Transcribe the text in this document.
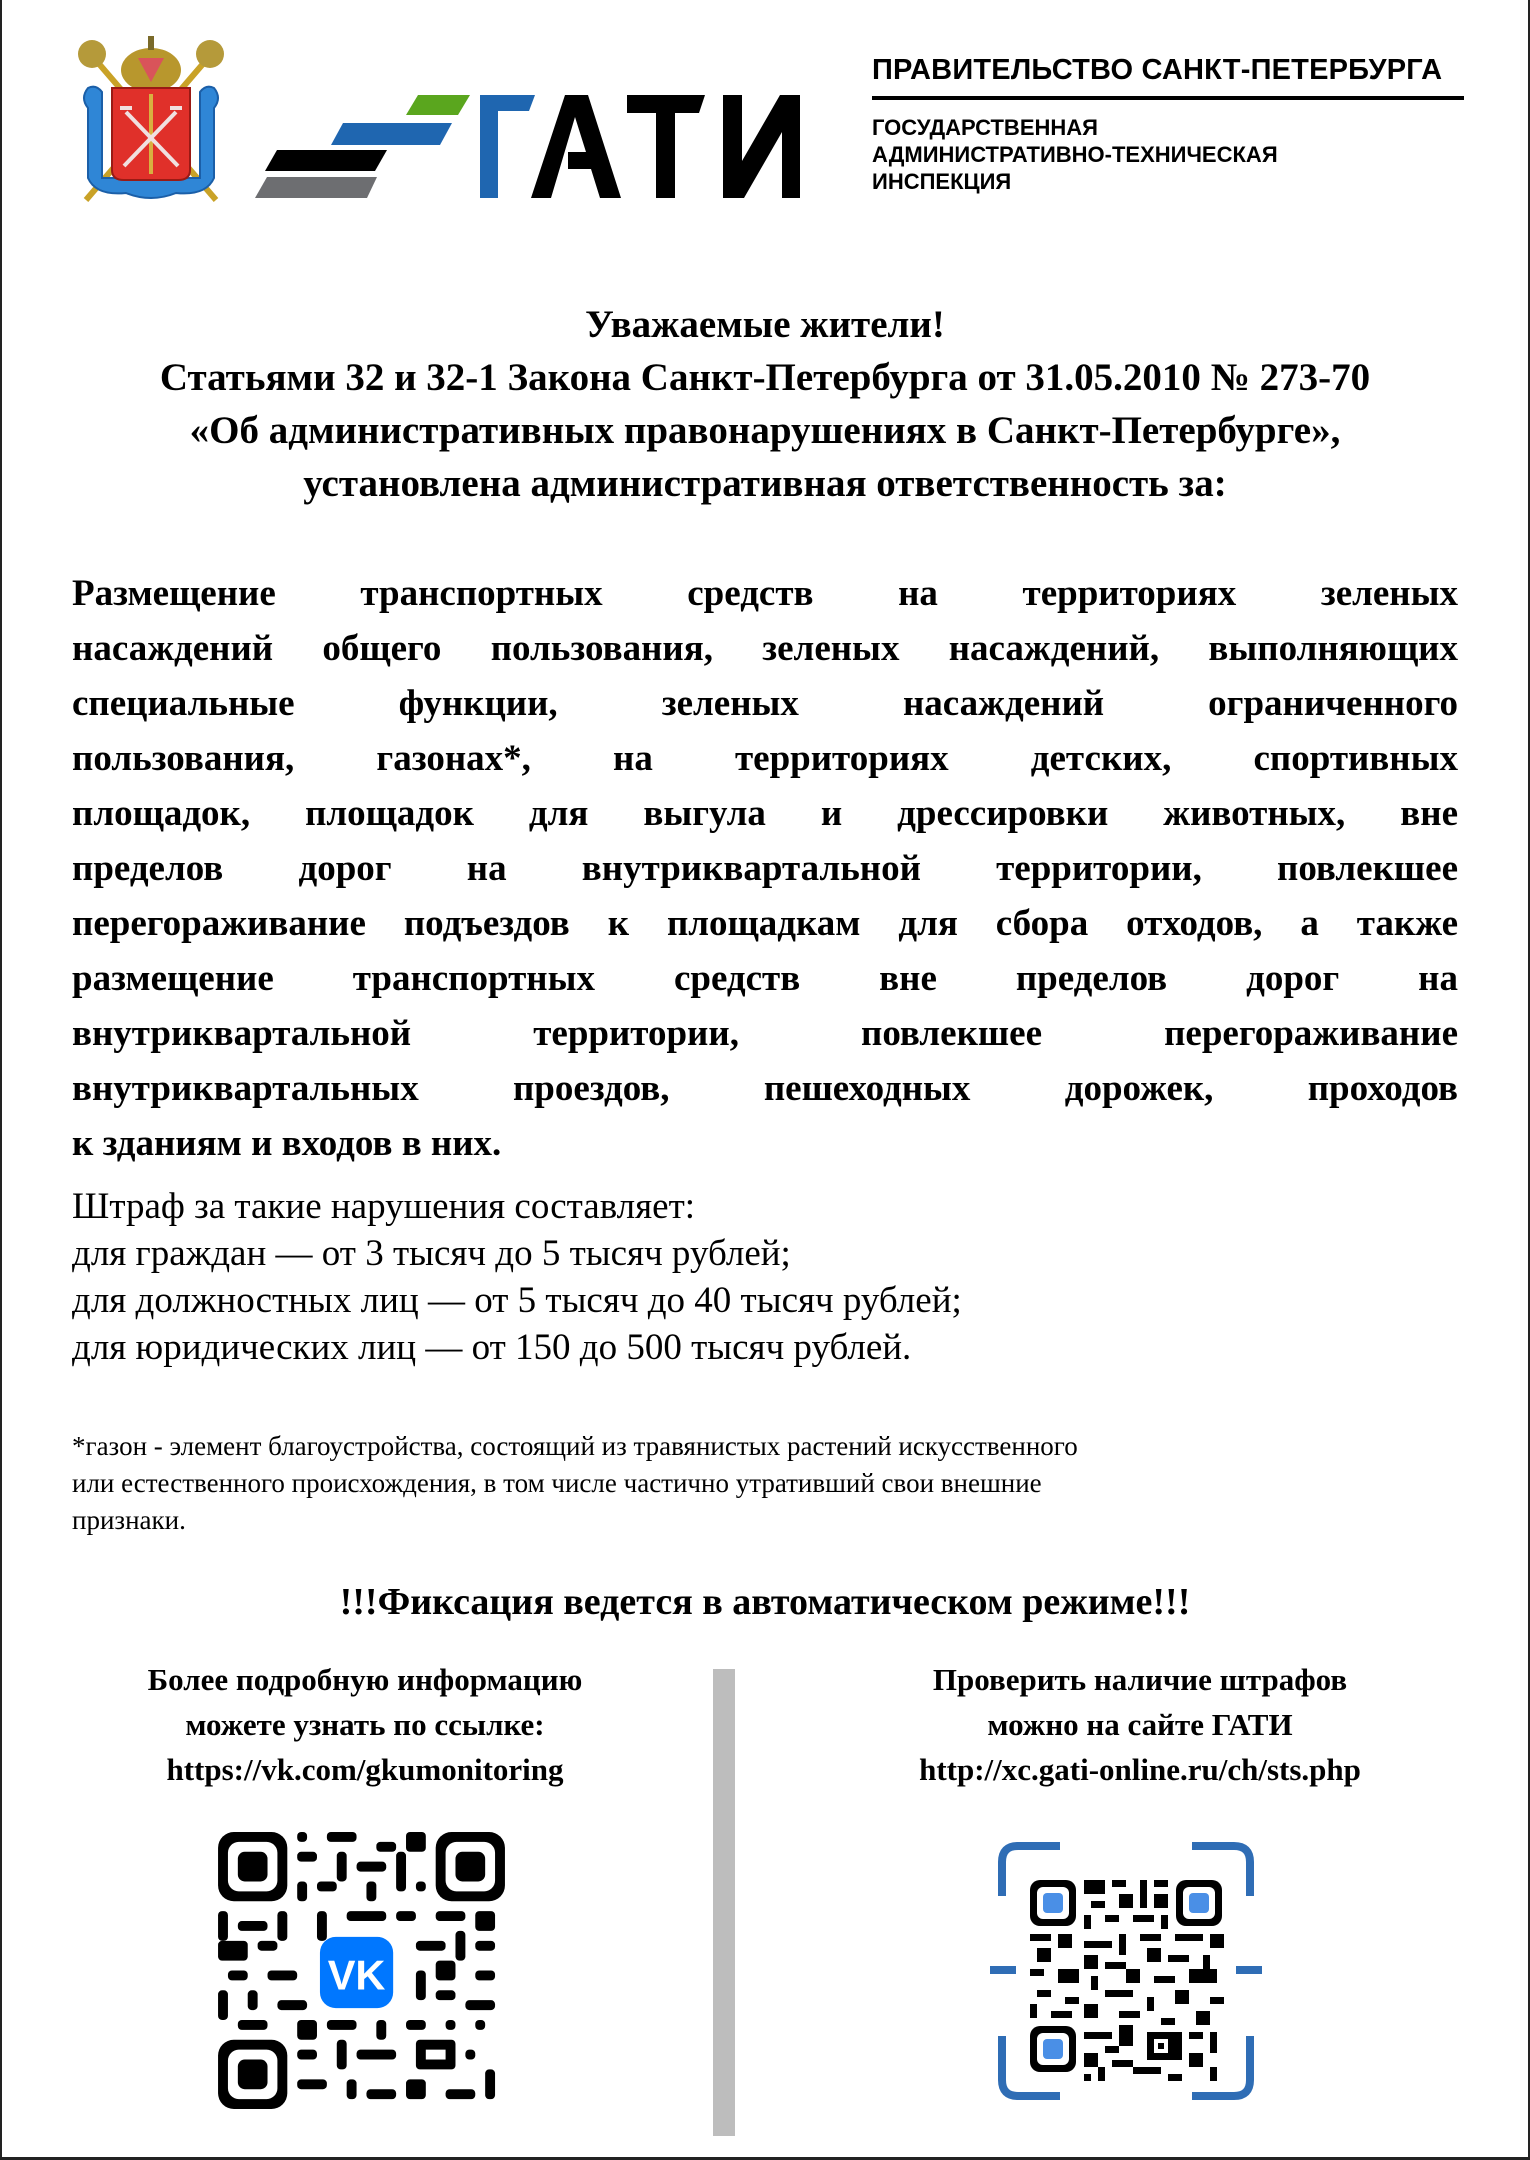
ПРАВИТЕЛЬСТВО САНКТ-ПЕТЕРБУРГА
ГОСУДАРСТВЕННАЯ
АДМИНИСТРАТИВНО-ТЕХНИЧЕСКАЯ
ИНСПЕКЦИЯ
Уважаемые жители!
Статьями 32 и 32-1 Закона Санкт-Петербурга от 31.05.2010 № 273-70
«Об административных правонарушениях в Санкт-Петербурге»,
установлена административная ответственность за:
Размещение транспортных средств на территориях зеленых
насаждений общего пользования, зеленых насаждений, выполняющих
специальные функции, зеленых насаждений ограниченного
пользования, газонах*, на территориях детских, спортивных
площадок, площадок для выгула и дрессировки животных, вне
пределов дорог на внутриквартальной территории, повлекшее
перегораживание подъездов к площадкам для сбора отходов, а также
размещение транспортных средств вне пределов дорог на
внутриквартальной территории, повлекшее перегораживание
внутриквартальных проездов, пешеходных дорожек, проходов
к зданиям и входов в них.
Штраф за такие нарушения составляет:
для граждан — от 3 тысяч до 5 тысяч рублей;
для должностных лиц — от 5 тысяч до 40 тысяч рублей;
для юридических лиц — от 150 до 500 тысяч рублей.
*газон - элемент благоустройства, состоящий из травянистых растений искусственного
или естественного происхождения, в том числе частично утративший свои внешние
признаки.
!!!Фиксация ведется в автоматическом режиме!!!
Более подробную информацию
можете узнать по ссылке:
https://vk.com/gkumonitoring
Проверить наличие штрафов
можно на сайте ГАТИ
http://xc.gati-online.ru/ch/sts.php
VK
